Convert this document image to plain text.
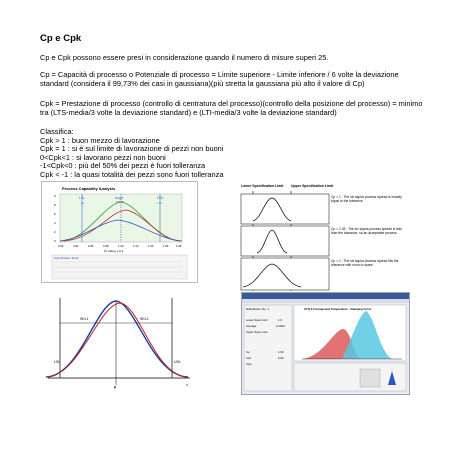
Cp e Cpk
Cp e Cpk possono essere presi in considerazione quando il numero di misure superi 25.
Cp = Capacità di processo o Potenziale di processo = Limite superiore - Limite inferiore / 6 volte la deviazione standard (considera il 99,73% dei casi in gaussiana)(più stretta la gaussiana più alto il valore di Cp)
Cpk = Prestazione di processo (controllo di centratura del processo)(controllo della posizione del processo) = minimo tra (LTS-media/3 volte la deviazione standard) e (LTI-media/3 volte la deviazione standard)
Classifica:
Cpk > 1 : buon mezzo di lavorazione
Cpk = 1 : si è sul limite di lavorazione di pezzi non buoni
0<Cpk<1 : si lavorano pezzi non buoni
-1<Cpk<0 : più del 50% dei pezzi è fuori tolleranza
Cpk < -1 : la quasi totalità dei pezzi sono fuori tolleranza
Process Capability Analysis
LSL	USL
-3s	+3s
target
mean
9
8
6
4
2
0
0.92	0.94	0.96	0.98	1.00	1.02	1.04	1.06	1.08
(X value) x 0.1
Specification limits
Lower Specification Limit Upper Specification Limit
Cp = 1 : The six sigma process spread is exactly equal to the tolerance.
Cp = 1.33 : The six sigma process spread is less than the tolerance, so an acceptable process.
Cp < 1 : The six sigma process spread fills the tolerance with room to spare.
SKL1	SKL2
LSL	USL
µ	x
Distribution No. 1
Lower Spec Limit	1.0
Average	2.2000
Upper Spec Limit
Cp	1.00
Cpk	0.93
Cpm
CTQ 4.0 Compound Temperature - Clamping Force
